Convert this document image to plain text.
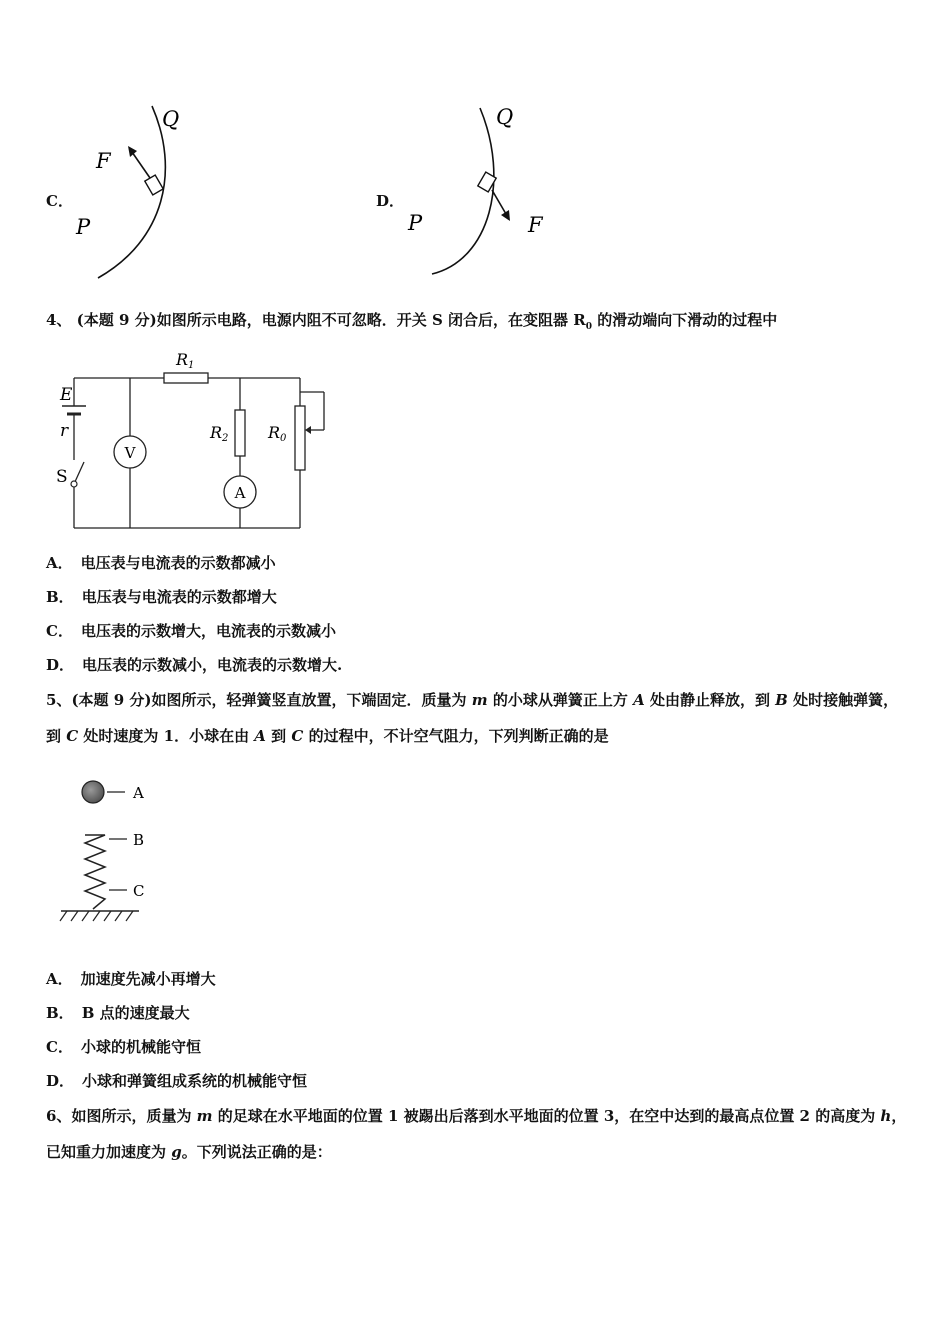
C．
F
P
Q
D．
F
P
Q
4、 (本题 9 分)如图所示电路，电源内阻不可忽略．开关 S 闭合后，在变阻器 $R_0$ 的滑动端向下滑动的过程中
V
A
E
r
S
R1
R2 R0
A． 电压表与电流表的示数都减小
B． 电压表与电流表的示数都增大
C． 电压表的示数增大，电流表的示数减小
D． 电压表的示数减小，电流表的示数增大.
5、(本题 9 分)如图所示，轻弹簧竖直放置，下端固定．质量为 m 的小球从弹簧正上方 A 处由静止释放，到 B 处时接触弹簧，到 C 处时速度为 1．小球在由 A 到 C 的过程中，不计空气阻力，下列判断正确的是
A
B
C
A． 加速度先减小再增大
B． B 点的速度最大
C． 小球的机械能守恒
D． 小球和弹簧组成系统的机械能守恒
6、如图所示，质量为 m 的足球在水平地面的位置 1 被踢出后落到水平地面的位置 3，在空中达到的最高点位置 2 的高度为 h，已知重力加速度为 g。下列说法正确的是：
